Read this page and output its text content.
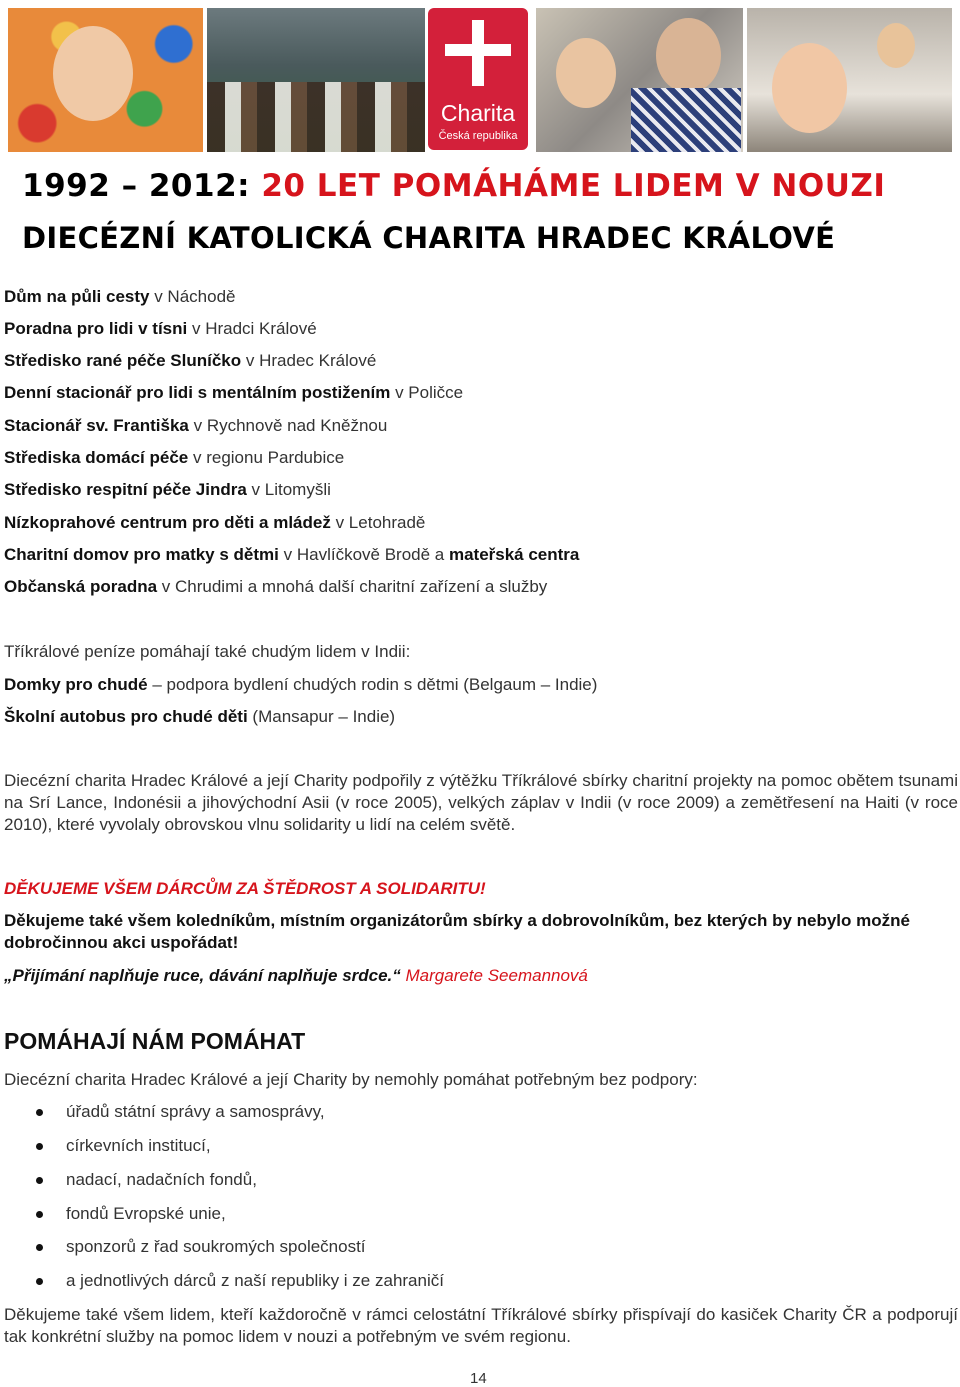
Charita
Česká republika
1992 – 2012: 20 LET POMÁHÁME LIDEM V NOUZI
DIECÉZNÍ KATOLICKÁ CHARITA HRADEC KRÁLOVÉ
Dům na půli cesty v Náchodě
Poradna pro lidi v tísni v Hradci Králové
Středisko rané péče Sluníčko v Hradec Králové
Denní stacionář pro lidi s mentálním postižením v Poličce
Stacionář sv. Františka v Rychnově nad Kněžnou
Střediska domácí péče v regionu Pardubice
Středisko respitní péče Jindra v Litomyšli
Nízkoprahové centrum pro děti a mládež v Letohradě
Charitní domov pro matky s dětmi v Havlíčkově Brodě a mateřská centra
Občanská poradna v Chrudimi a mnohá další charitní zařízení a služby
Tříkrálové peníze pomáhají také chudým lidem v Indii:
Domky pro chudé – podpora bydlení chudých rodin s dětmi (Belgaum – Indie)
Školní autobus pro chudé děti (Mansapur – Indie)
Diecézní charita Hradec Králové a její Charity podpořily z výtěžku Tříkrálové sbírky charitní projekty na pomoc obětem tsunami na Srí Lance, Indonésii a jihovýchodní Asii (v roce 2005), velkých záplav v Indii (v roce 2009) a zemětřesení na Haiti (v roce 2010), které vyvolaly obrovskou vlnu solidarity u lidí na celém světě.
DĚKUJEME VŠEM DÁRCŮM ZA ŠTĚDROST A SOLIDARITU!
Děkujeme také všem koledníkům, místním organizátorům sbírky a dobrovolníkům, bez kterých by nebylo možné dobročinnou akci uspořádat!
„Přijímání naplňuje ruce, dávání naplňuje srdce.“ Margarete Seemannová
POMÁHAJÍ NÁM POMÁHAT
Diecézní charita Hradec Králové a její Charity by nemohly pomáhat potřebným bez podpory:
úřadů státní správy a samosprávy,
církevních institucí,
nadací, nadačních fondů,
fondů Evropské unie,
sponzorů z řad soukromých společností
a jednotlivých dárců z naší republiky i ze zahraničí
Děkujeme také všem lidem, kteří každoročně v rámci celostátní Tříkrálové sbírky přispívají do kasiček Charity ČR a podporují tak konkrétní služby na pomoc lidem v nouzi a potřebným ve svém regionu.
14
